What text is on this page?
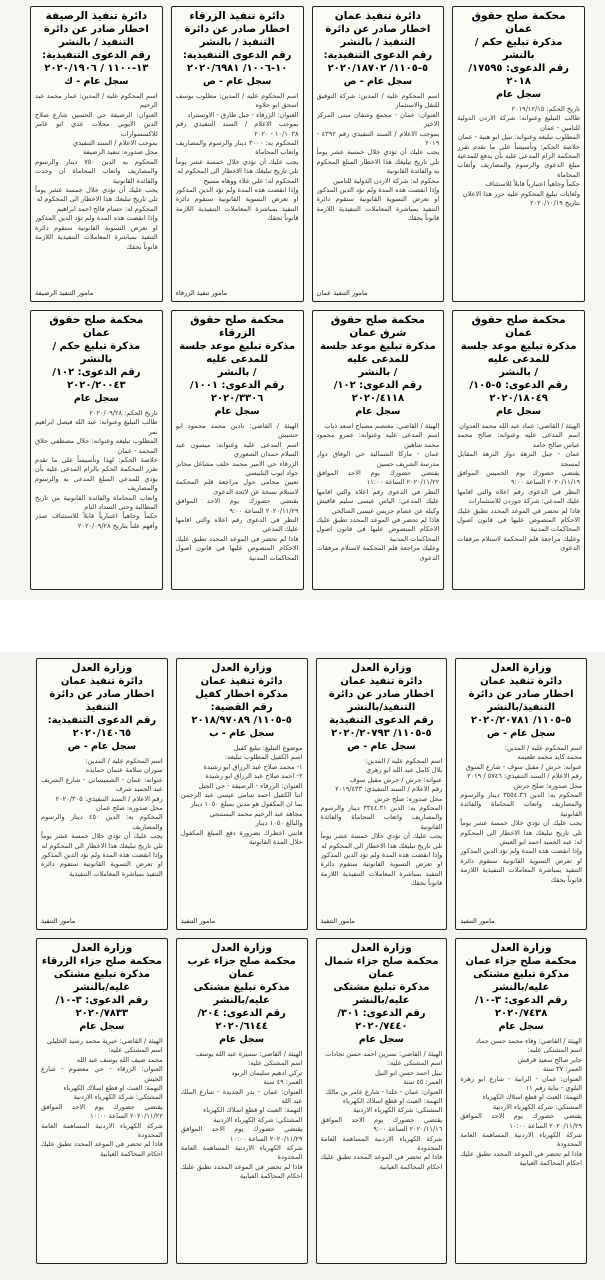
محكمة صلح حقوق عمان
مذكرة تبليغ حكم / بالنشر
رقم الدعوى: ١٧٥٩٥/ ٢٠١٨
سجل عام
تاريخ الحكم: ٢٠١٩/١٢/١٥
طالب التبليغ وعنوانه: شركة الاردن الدولية للتامين - عمان
المطلوب تبليغه وعنوانه: نبيل ابو هنية - عمان
خلاصة الحكم: وتأسيساً على ما تقدم تقرر المحكمة الزام المدعى عليه بأن يدفع للمدعية مبلغ الدعوى والرسوم والمصاريف وأتعاب المحاماة
حكماً وجاهياً اعتبارياً قابلاً للاستئناف
ولغايات تبليغ المحكوم عليه حرر هذا الاعلان
بتاريخ ٢٠٢٠/١٠/١٩
دائرة تنفيذ عمان
اخطار صادر عن دائرة التنفيذ / بالنشر
رقم الدعوى التنفيذية: ٥-١١٠٥/ ٢٠٢٠/١٨٧٠٢
سجل عام - ص
اسم المحكوم عليه / المدين: شركة التوفيق للنقل والاستثمار
العنوان: عمان - مجمع وشقان مبنى المركز الاخير
بموجب الاعلام / السند التنفيذي رقم ٤٣٩٢ - ٢٠١٩
يجب عليك أن تؤدي خلال خمسة عشر يوماً تلي تاريخ تبليغك هذا الاخطار المبلغ المحكوم به والفائدة القانونية
محكوم له: شركة الاردن الدولية للتامين
وإذا انقضت هذه المدة ولم تؤد الدين المذكور او تعرض التسوية القانونية ستقوم دائرة التنفيذ بمباشرة المعاملات التنفيذية اللازمة قانوناً بحقك
مامور التنفيذ عمان
دائرة تنفيذ الزرقاء
اخطار صادر عن دائرة التنفيذ / بالنشر
رقم الدعوى التنفيذية: ١٠-١٠٠٦/ ٢٠٢٠/٦٩٨١
سجل عام - ص
اسم المحكوم عليه / المدين: مطلوب يوسف اسحق ابو حلاوه
العنوان: الزرقاء - جبل طارق - الاوتستراد
بموجب الاعلام / السند التنفيذي رقم ١٠/١٠٣٨ - ٢٠٢٠
المحكوم به: ٣٠٠٠ دينار والرسوم والمصاريف واتعاب المحاماة
يجب عليك أن تؤدي خلال خمسة عشر يوماً تلي تاريخ تبليغك هذا الاخطار الى المحكوم له
المحكوم له: علي علاء ووهاه مسيح
وإذا انقضت هذه المدة ولم تؤد الدين المذكور او تعرض التسوية القانونية ستقوم دائرة التنفيذ بمباشرة المعاملات التنفيذية اللازمة قانوناً بحقك
مامور تنفيذ الزرقاء
دائرة تنفيذ الرصيفة
اخطار صادر عن دائرة التنفيذ / بالنشر
رقم الدعوى التنفيذية: ١٣-١١٠٠ / ٢٠٢٠/١٩٠٦
سجل عام - ك
اسم المحكوم عليه / المدين: عمار محمد عبد الرحيم
العنوان: الرصيفة حي الحسين شارع صلاح الدين الايوبي محلات عدي ابو عامر للاكسسوارات
بموجب الاعلام / السند التنفيذي
محل صدوره: تنفيذ الرصيفة
المحكوم به الدين ٧٥٠ دينار والرسوم والمصاريف واتعاب المحاماة ان وجدت والفائدة القانونية
يجب عليك أن تؤدي خلال خمسة عشر يوماً تلي تاريخ تبليغك هذا الاخطار الى المحكوم له
المحكوم له: حسام فالح احمد ابراهيم
وإذا انقضت هذه المدة ولم تؤد الدين المذكور او تعرض التسوية القانونية ستقوم دائرة التنفيذ بمباشرة المعاملات التنفيذية اللازمة قانوناً بحقك
مامور التنفيذ الرصيفة
محكمة صلح حقوق عمان
مذكرة تبليغ موعد جلسة للمدعى عليه
/ بالنشر
رقم الدعوى: ٥-١٠٥/ ٢٠٢٠/١٨٠٤٩
سجل عام
الهيئة / القاضي: عماد عبد الله محمد العدوان
اسم المدعى عليه وعنوانه: صالح محمد عباس صالح حامد
عمان - جبل النزهة دوار النزهة المقابل لمسجد
يقتضي حضورك يوم الخميس الموافق ٢٠٢٠/١١/١٩ الساعة ٩:٠٠
النظر في الدعوى رقم اعلاه والتي اقامها عليك المدعي: شركة جوردن للاستثمارات
فاذا لم تحضر في الموعد المحدد تطبق عليك الاحكام المنصوص عليها في قانون اصول المحاكمات المدنية
وعليك مراجعة قلم المحكمة لاستلام مرفقات الدعوى
محكمة صلح حقوق شرق عمان
مذكرة تبليغ موعد جلسة للمدعى عليه
/ بالنشر
رقم الدعوى: ١٠٢/ ٢٠٢٠/٤١١٨
سجل عام
الهيئة / القاضي: معتصم مصباح اسعد ذياب
اسم المدعى عليه وعنوانه: عمرو محمود محمد شاهين
عمان - ماركا الشمالية حي الوفاق دوار مدرسة الشريف حسين
يقتضي حضورك يوم الاحد الموافق ٢٠٢٠/١١/٢٢ الساعة ١١:٠٠
النظر في الدعوى رقم اعلاه والتي اقامها عليك المدعي: الياس عيسى سليم قاقيش وكيله عن عصام جريس عيسى الصالحي
فاذا لم تحضر في الموعد المحدد تطبق عليك الاحكام المنصوص عليها في قانون اصول المحاكمات المدنية
وعليك مراجعة قلم المحكمة لاستلام مرفقات الدعوى
محكمة صلح حقوق الزرقاء
مذكرة تبليغ موعد جلسة للمدعى عليه
/ بالنشر
رقم الدعوى: ١٠٠١/ ٢٠٢٠/٣٣٠٦
سجل عام
الهيئة / القاضي: نادين محمد محمود ابو حشيش
اسم المدعى عليه وعنوانه: ميسون عبد السلام حمدان الشعوري
الزرقاء حي الامير محمد خلف مشاغل مخابز جواد ايوب البلبيسي
تعيين محامي حول مراجعة قلم المحكمة لاستلام نسخة عن لائحة الدعوى
يقتضي حضورك يوم الاحد الموافق ٢٠٢٠/١١/٢٩ الساعة ٩:٠٠
النظر في الدعوى رقم اعلاه والتي اقامها عليك المدعي
فاذا لم تحضر في الموعد المحدد تطبق عليك الاحكام المنصوص عليها في قانون اصول المحاكمات المدنية
محكمة صلح حقوق عمان
مذكرة تبليغ حكم / بالنشر
رقم الدعوى: ١٠٢/ ٢٠٢٠/٢٠٠٤٣
سجل عام
تاريخ الحكم: ٢٠٢٠/٠٩/٢٨
طالب التبليغ وعنوانه: عبد الله فيصل ابراهيم نمر
المطلوب تبليغه وعنوانه: جلال مصطفى حلاق المحمد - عمان
خلاصة الحكم: لهذا وتأسيساً على ما تقدم تقرر المحكمة الحكم بالزام المدعى عليه بأن يؤدي للمدعي المبلغ المدعى به والرسوم والمصاريف
واتعاب المحاماة والفائدة القانونية من تاريخ المطالبة وحتى السداد التام
حكماً وجاهياً اعتبارياً قابلاً للاستئناف صدر وأفهم علناً بتاريخ ٢٠٢٠/٠٩/٢٨
وزارة العدل
دائرة تنفيذ عمان
اخطار صادر عن دائرة التنفيذ/بالنشر
٥-١١٠٥/ ٢٠٢٠/٢٠٧٨١
سجل عام - ص
اسم المحكوم عليه / المدين:
محمد كايد محمد طعيمه
عنوانه: جرش / مقبل سوف - شارع السوق
رقم الاعلام / السند التنفيذي: ٥٧٤٦ / ٢٠١٩
محل صدوره: صلح جرش
المحكوم به: الدين ٣٥٥٤.٣٦ دينار والرسوم والمصاريف واتعاب المحاماة والفائدة القانونية
يجب عليك أن تؤدي خلال خمسة عشر يوماً تلي تاريخ تبليغك هذا الاخطار الى المحكوم له: عبد الحميد احمد ابو العيش
وإذا انقضت هذه المدة ولم تؤد الدين المذكور او تعرض التسوية القانونية ستقوم دائرة التنفيذ بمباشرة المعاملات التنفيذية اللازمة قانوناً بحقك
مامور التنفيذ
وزارة العدل
دائرة تنفيذ عمان
اخطار صادر عن دائرة التنفيذ/بالنشر
رقم الدعوى التنفيذية
٥-١١٠٥/ ٢٠٢٠/٢٠٧٩٣
سجل عام - ص
اسم المحكوم عليه / المدين:
بلال كامل عبد الله ابو زهري
عنوانه: جرش / جرش مقبل سوف
رقم الاعلام / السند التنفيذي: ٢٠١٩/٤٣٣
محل صدوره: صلح جرش
المحكوم به: الدين ٣٣٤٤.٣١ دينار والرسوم والمصاريف واتعاب المحاماة والفائدة القانونية
يجب عليك أن تؤدي خلال خمسة عشر يوماً تلي تاريخ تبليغك هذا الاخطار الى المحكوم له
وإذا انقضت هذه المدة ولم تؤد الدين المذكور او تعرض التسوية القانونية ستقوم دائرة التنفيذ بمباشرة المعاملات التنفيذية اللازمة قانوناً بحقك
مامور التنفيذ
وزارة العدل
دائرة تنفيذ عمان
مذكرة اخطار كفيل
رقم القضية:
٥-١١٠٥/ ٢٠١٨/٩٧٠٨٩
سجل عام - ب
موضوع التبليغ: تبليغ كفيل
اسم الكفيل المطلوب تبليغه:
١- محمد صلاح عبد الرزاق ابو رشيدة
٢- احمد صلاح عبد الرزاق ابو رشيدة
العنوان: الزرقاء - الرصيفة - حي الجبل
اننا الكفيل احمد سامي عيسى عبد الرحمن بما ان المكفول هو مدين بمبلغ ١٠٥٠ دينار
مجاهد عبد الرحيم محمد البستنجي
والبالغ ١٠٥٠ دينار
فانني اخطرك بضرورة دفع المبلغ المكفول خلال المدة القانونية
مامور التنفيذ
وزارة العدل
دائرة تنفيذ عمان
اخطار صادر عن دائرة التنفيذ
رقم الدعوى التنفيذية:
٢٠٢٠/١٤٠٦٥
سجل عام - ص
اسم المحكوم عليه / المدين:
سوزان سلامة عثمان حمايده
عنوانه: عمان - الشميساني - شارع الشريف عبد الحميد شرف
رقم الاعلام / السند التنفيذي: ٢٠٢٠/٣٠٥
محل صدوره: صلح عمان
المحكوم به: الدين ٤٥٠ دينار والرسوم والمصاريف
يجب عليك أن تؤدي خلال خمسة عشر يوماً تلي تاريخ تبليغك هذا الاخطار الى المحكوم له
وإذا انقضت هذه المدة ولم تؤد الدين المذكور او تعرض التسوية القانونية ستقوم دائرة التنفيذ بمباشرة المعاملات التنفيذية
مامور التنفيذ
وزارة العدل
محكمة صلح جزاء عمان
مذكرة تبليغ مشتكى عليه/بالنشر
رقم الدعوى: ٣-١٠/ ٢٠٢٠/٧٤٣٨
سجل عام
الهيئة / القاضي: وفاء محمد حسن حماد
اسم المشتكى عليه:
جابر صالح سعيد قرقش
العمر: ٣٧ سنة
العنوان: عمان - الرابية - شارع ابو زهرة البلوي - بناية رقم ١١
التهمة: العبث او قطع اسلاك الكهرباء
المشتكي: شركة الكهرباء الاردنية
يقتضي حضورك يوم الاحد الموافق ٢٠٢٠/١١/٢٩ الساعة ١٠:٠٠
شركة الكهرباء الاردنية المساهمة العامة المحدودة
فاذا لم تحضر في الموعد المحدد تطبق عليك احكام المحاكمة الغيابية
وزارة العدل
محكمة صلح جزاء شمال عمان
مذكرة تبليغ مشتكى عليه/بالنشر
رقم الدعوى: ٣٠١/ ٢٠٢٠/٧٤٤٠
سجل عام
الهيئة / القاضي: نسرين احمد حسن نجادات
اسم المشتكى عليه:
نبيل احمد حسن ابو النيل
العمر: ٤٥ سنة
العنوان: عمان - خلدا - شارع عامر بن مالك
التهمة: العبث او قطع اسلاك الكهرباء
المشتكي: شركة الكهرباء الاردنية
يقتضي حضورك يوم الاحد الموافق ٢٠٢٠/١١/١٦ الساعة ٩:٠٠
شركة الكهرباء الاردنية المساهمة العامة المحدودة
فاذا لم تحضر في الموعد المحدد تطبق عليك احكام المحاكمة الغيابية
وزارة العدل
محكمة صلح جزاء غرب عمان
مذكرة تبليغ مشتكى عليه/بالنشر
رقم الدعوى: ٢٠٤/ ٢٠٢٠/٦١٤٤
سجل عام
الهيئة / القاضي: سميرة عبد الله يوسف
اسم المشتكى عليه:
تركي ادهيم سليمان الزبود
العمر: ٤٩ سنة
العنوان: عمان - بدر الجديدة - شارع الملك عبد الله
التهمة: العبث او قطع اسلاك الكهرباء
المشتكي: شركة الكهرباء الاردنية
يقتضي حضورك يوم الاحد الموافق ٢٠٢٠/١١/٢٩ الساعة ١٠:٠٠
شركة الكهرباء الاردنية المساهمة العامة المحدودة
فاذا لم تحضر في الموعد المحدد تطبق عليك احكام المحاكمة الغيابية
وزارة العدل
محكمة صلح جزاء الزرقاء
مذكرة تبليغ مشتكى عليه/بالنشر
رقم الدعوى: ٣-١٠/ ٢٠٢٠/٧٨٣٣
سجل عام
الهيئة / القاضي: خيرية محمد رشيد الخليلي
اسم المشتكى عليه:
محمد ضيف الله يوسف عبد الله
العنوان: الزرقاء - حي معصوم - شارع الجيش
التهمة: العبث او قطع اسلاك الكهرباء
المشتكي: شركة الكهرباء الاردنية
يقتضي حضورك يوم الاحد الموافق ٢٠٢٠/١١/٢٢ الساعة ١٠:٠٠
شركة الكهرباء الاردنية المساهمة العامة المحدودة
فاذا لم تحضر في الموعد المحدد تطبق عليك احكام المحاكمة الغيابية
